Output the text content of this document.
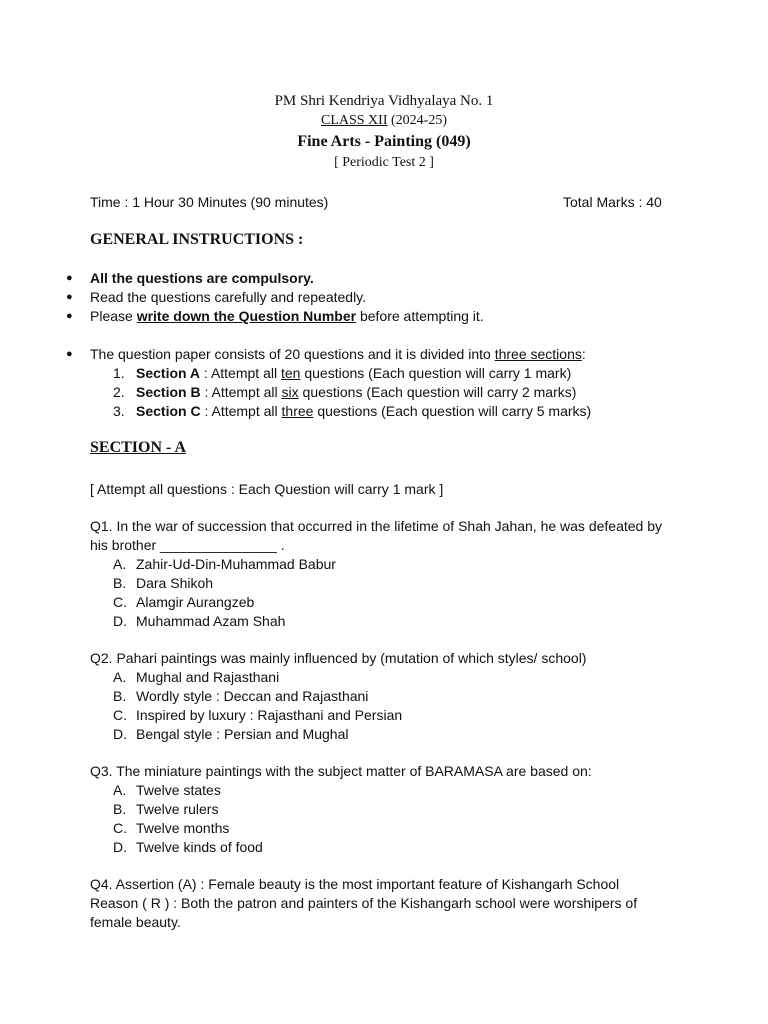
PM Shri Kendriya Vidhyalaya No. 1
CLASS XII (2024-25)
Fine Arts - Painting (049)
[ Periodic Test 2 ]
Time : 1 Hour 30 Minutes (90 minutes)	Total Marks : 40
GENERAL INSTRUCTIONS :
● All the questions are compulsory.
● Read the questions carefully and repeatedly.
● Please write down the Question Number before attempting it.
● The question paper consists of 20 questions and it is divided into three sections:
1. Section A : Attempt all ten questions (Each question will carry 1 mark)
2. Section B : Attempt all six questions (Each question will carry 2 marks)
3. Section C : Attempt all three questions (Each question will carry 5 marks)
SECTION - A
[ Attempt all questions : Each Question will carry 1 mark ]
Q1. In the war of succession that occurred in the lifetime of Shah Jahan, he was defeated by his brother _______________ .
A. Zahir-Ud-Din-Muhammad Babur
B. Dara Shikoh
C. Alamgir Aurangzeb
D. Muhammad Azam Shah
Q2. Pahari paintings was mainly influenced by (mutation of which styles/ school)
A. Mughal and Rajasthani
B. Wordly style : Deccan and Rajasthani
C. Inspired by luxury : Rajasthani and Persian
D. Bengal style : Persian and Mughal
Q3. The miniature paintings with the subject matter of BARAMASA are based on:
A. Twelve states
B. Twelve rulers
C. Twelve months
D. Twelve kinds of food
Q4. Assertion (A) : Female beauty is the most important feature of Kishangarh School
Reason ( R ) : Both the patron and painters of the Kishangarh school were worshipers of female beauty.
